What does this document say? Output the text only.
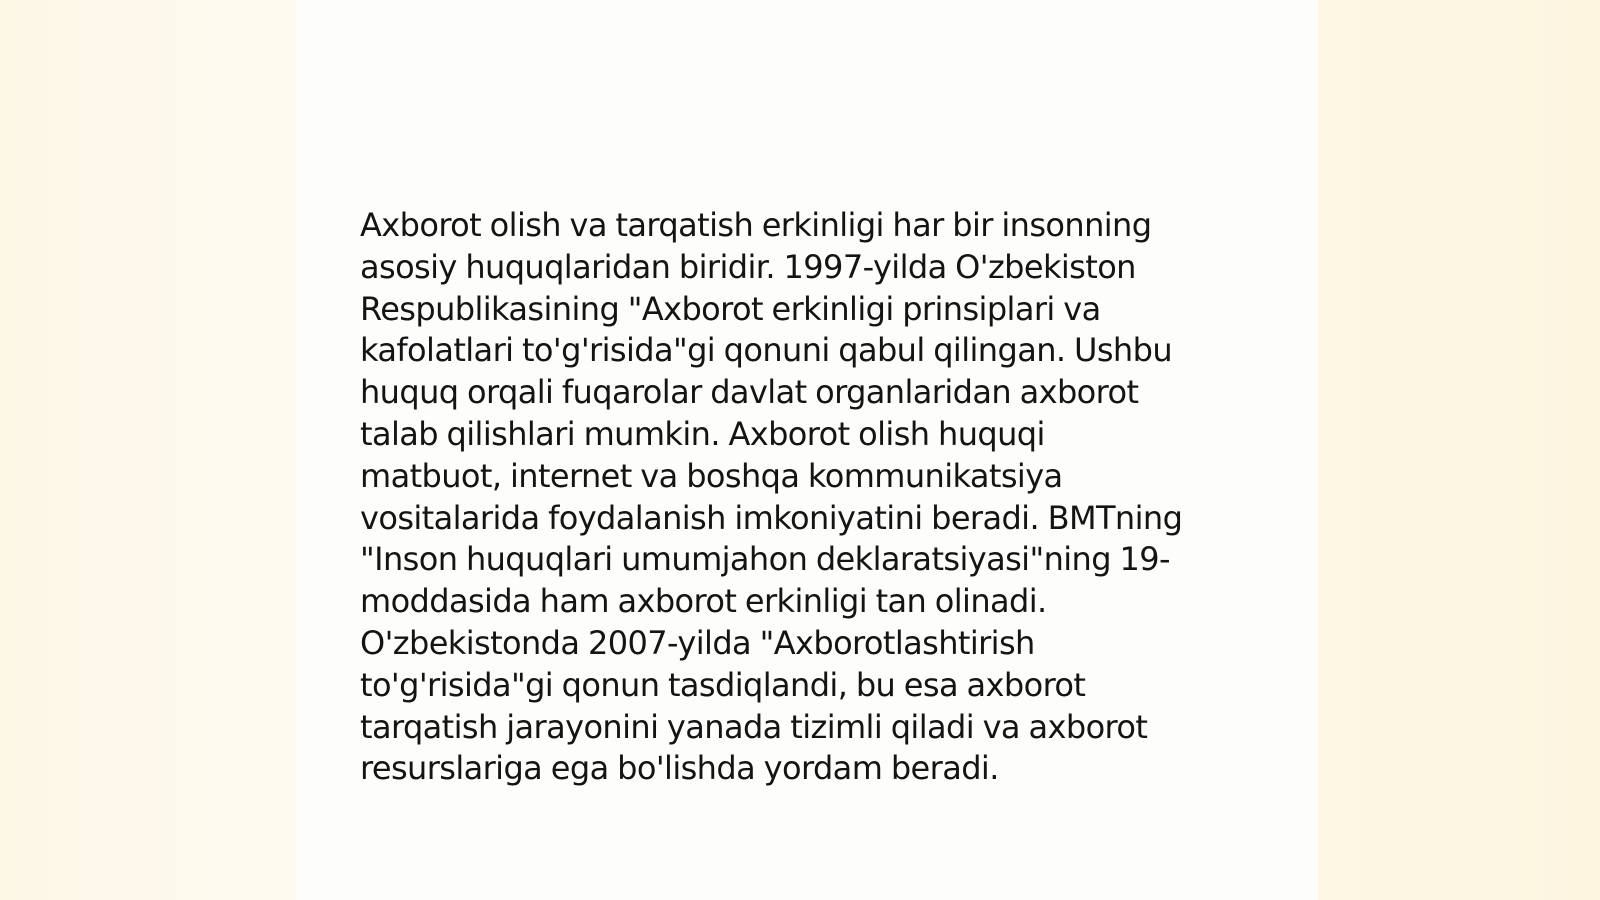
Axborot olish va tarqatish erkinligi har bir insonning
asosiy huquqlaridan biridir. 1997-yilda O'zbekiston
Respublikasining "Axborot erkinligi prinsiplari va
kafolatlari to'g'risida"gi qonuni qabul qilingan. Ushbu
huquq orqali fuqarolar davlat organlaridan axborot
talab qilishlari mumkin. Axborot olish huquqi
matbuot, internet va boshqa kommunikatsiya
vositalarida foydalanish imkoniyatini beradi. BMTning
"Inson huquqlari umumjahon deklaratsiyasi"ning 19-
moddasida ham axborot erkinligi tan olinadi.
O'zbekistonda 2007-yilda "Axborotlashtirish
to'g'risida"gi qonun tasdiqlandi, bu esa axborot
tarqatish jarayonini yanada tizimli qiladi va axborot
resurslariga ega bo'lishda yordam beradi.
